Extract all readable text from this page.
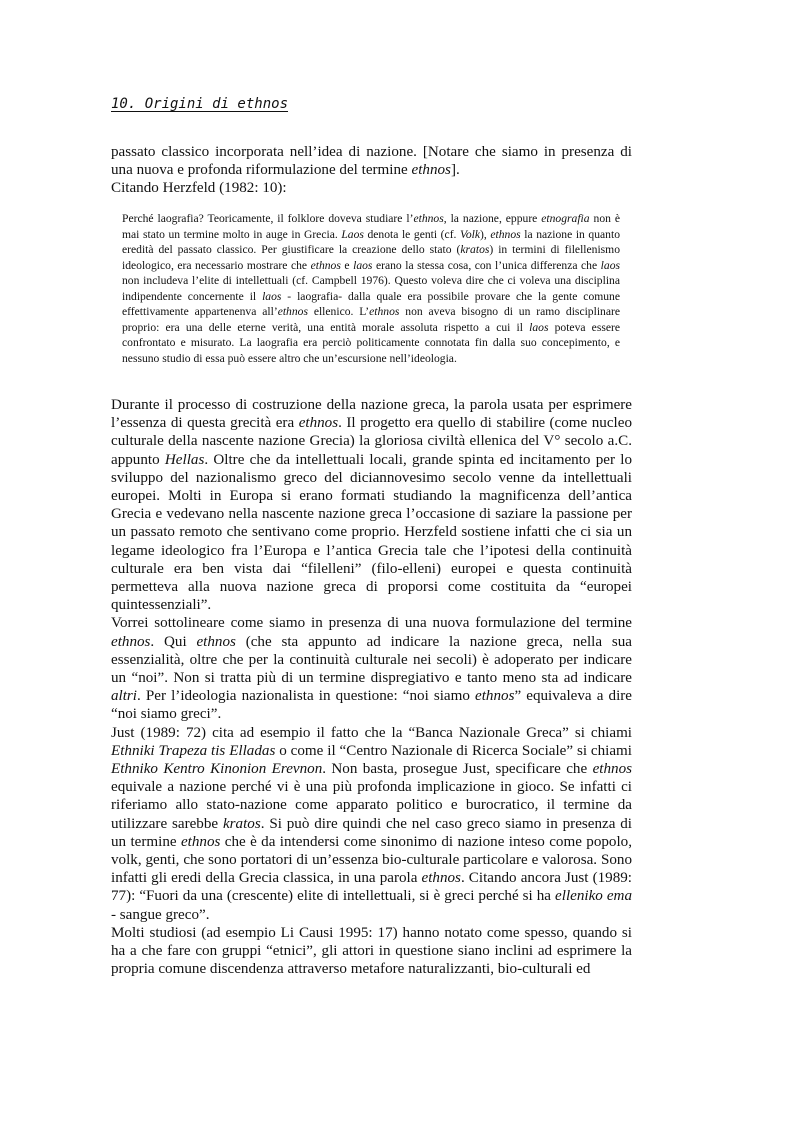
10. Origini di ethnos

passato classico incorporata nell’idea di nazione. [Notare che siamo in presenza di una nuova e profonda riformulazione del termine ethnos].

Citando Herzfeld (1982: 10):

Perché laografia? Teoricamente, il folklore doveva studiare l’ethnos, la nazione, eppure etnografia non è mai stato un termine molto in auge in Grecia. Laos denota le genti (cf. Volk), ethnos la nazione in quanto eredità del passato classico. Per giustificare la creazione dello stato (kratos) in termini di filellenismo ideologico, era necessario mostrare che ethnos e laos erano la stessa cosa, con l’unica differenza che laos non includeva l’elite di intellettuali (cf. Campbell 1976). Questo voleva dire che ci voleva una disciplina indipendente concernente il laos - laografia- dalla quale era possibile provare che la gente comune effettivamente appartenenva all’ethnos ellenico. L’ethnos non aveva bisogno di un ramo disciplinare proprio: era una delle eterne verità, una entità morale assoluta rispetto a cui il laos poteva essere confrontato e misurato. La laografia era perciò politicamente connotata fin dalla suo concepimento, e nessuno studio di essa può essere altro che un’escursione nell’ideologia.

Durante il processo di costruzione della nazione greca, la parola usata per esprimere l’essenza di questa grecità era ethnos. Il progetto era quello di stabilire (come nucleo culturale della nascente nazione Grecia) la gloriosa civiltà ellenica del V° secolo a.C. appunto Hellas. Oltre che da intellettuali locali, grande spinta ed incitamento per lo sviluppo del nazionalismo greco del diciannovesimo secolo venne da intellettuali europei. Molti in Europa si erano formati studiando la magnificenza dell’antica Grecia e vedevano nella nascente nazione greca l’occasione di saziare la passione per un passato remoto che sentivano come proprio. Herzfeld sostiene infatti che ci sia un legame ideologico fra l’Europa e l’antica Grecia tale che l’ipotesi della continuità culturale era ben vista dai “filelleni” (filo-elleni) europei e questa continuità permetteva alla nuova nazione greca di proporsi come costituita da “europei quintessenziali”.

Vorrei sottolineare come siamo in presenza di una nuova formulazione del termine ethnos. Qui ethnos (che sta appunto ad indicare la nazione greca, nella sua essenzialità, oltre che per la continuità culturale nei secoli) è adoperato per indicare un “noi”. Non si tratta più di un termine dispregiativo e tanto meno sta ad indicare altri. Per l’ideologia nazionalista in questione: “noi siamo ethnos” equivaleva a dire “noi siamo greci”.

Just (1989: 72) cita ad esempio il fatto che la “Banca Nazionale Greca” si chiami Ethniki Trapeza tis Elladas o come il “Centro Nazionale di Ricerca Sociale” si chiami Ethniko Kentro Kinonion Erevnon. Non basta, prosegue Just, specificare che ethnos equivale a nazione perché vi è una più profonda implicazione in gioco. Se infatti ci riferiamo allo stato-nazione come apparato politico e burocratico, il termine da utilizzare sarebbe kratos. Si può dire quindi che nel caso greco siamo in presenza di un termine ethnos che è da intendersi come sinonimo di nazione inteso come popolo, volk, genti, che sono portatori di un’essenza bio-culturale particolare e valorosa. Sono infatti gli eredi della Grecia classica, in una parola ethnos. Citando ancora Just (1989: 77): “Fuori da una (crescente) elite di intellettuali, si è greci perché si ha elleniko ema - sangue greco”.

Molti studiosi (ad esempio Li Causi 1995: 17) hanno notato come spesso, quando si ha a che fare con gruppi “etnici”, gli attori in questione siano inclini ad esprimere la propria comune discendenza attraverso metafore naturalizzanti, bio-culturali ed
